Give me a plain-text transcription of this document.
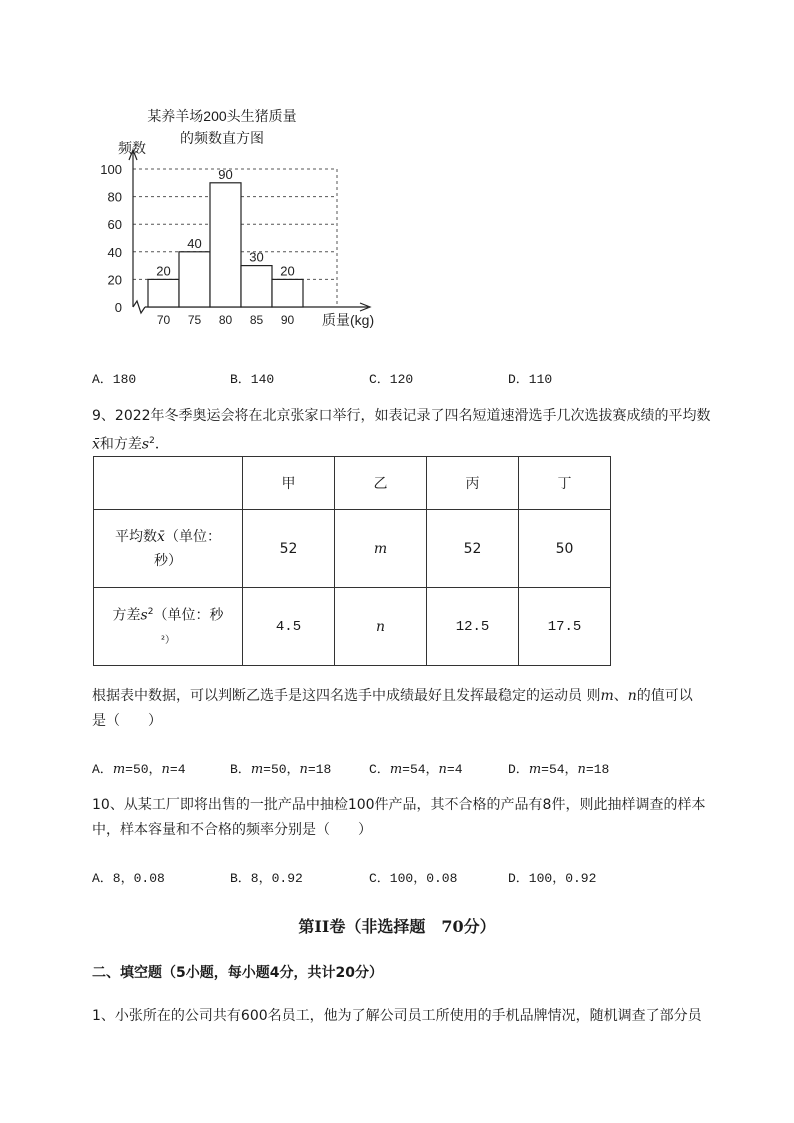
某养羊场200头生猪质量
的频数直方图
频数
0
20
40
60
80
100
20
40
90
30
20
70 75 80 85 90 质量(kg)
A．180	B．140	C．120	D．110
9、2022年冬季奥运会将在北京张家口举行，如表记录了四名短道速滑选手几次选拔赛成绩的平均数
x̄和方差$s^2$．
	甲	乙	丙	丁
平均数x̄（单位：
秒）	52	m	52	50
方差$s^2$（单位：秒
²）	4.5	n	12.5	17.5
根据表中数据，可以判断乙选手是这四名选手中成绩最好且发挥最稳定的运动员 则m、n的值可以
是（　　）
A．m=50，n=4	B．m=50，n=18	C．m=54，n=4	D．m=54，n=18
10、从某工厂即将出售的一批产品中抽检100件产品，其不合格的产品有8件，则此抽样调查的样本
中，样本容量和不合格的频率分别是（　　）
A．8，0.08	B．8，0.92	C．100，0.08	D．100，0.92
第II卷（非选择题　70分）
二、填空题（5小题，每小题4分，共计20分）
1、小张所在的公司共有600名员工，他为了解公司员工所使用的手机品牌情况，随机调查了部分员
